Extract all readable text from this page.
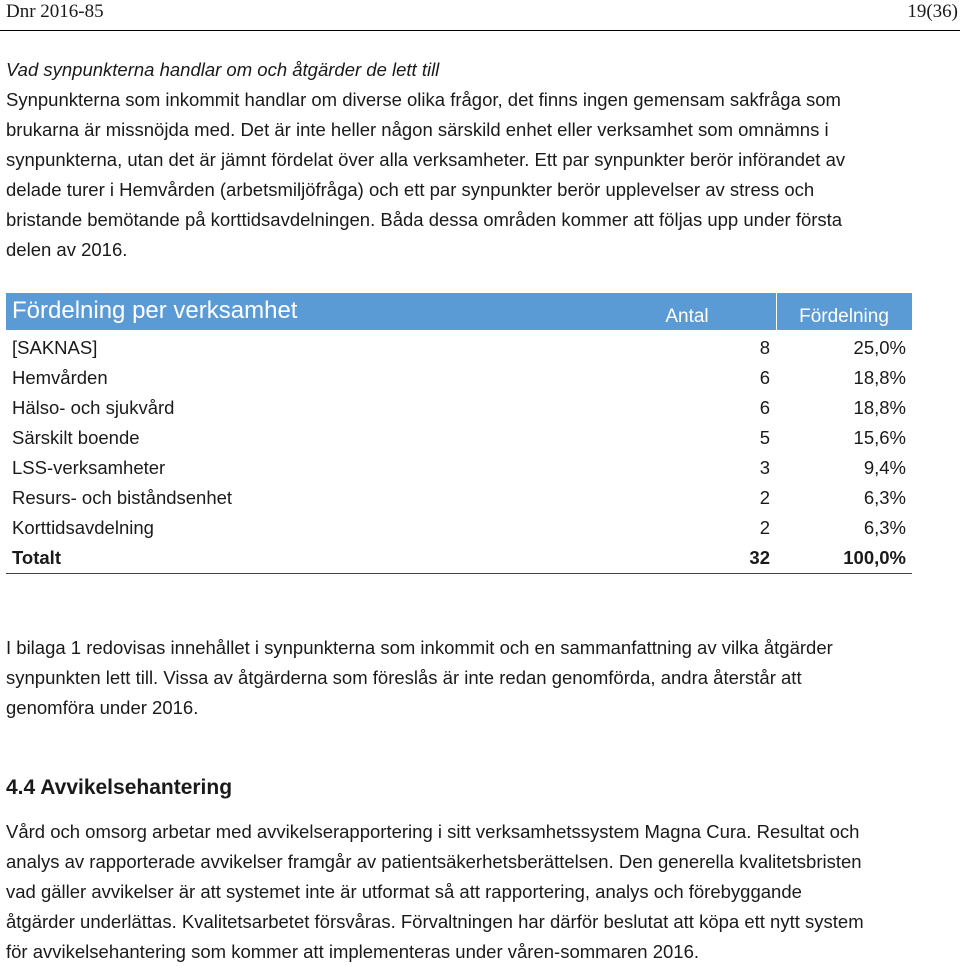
Dnr 2016-85	19(36)

Vad synpunkterna handlar om och åtgärder de lett till

Synpunkterna som inkommit handlar om diverse olika frågor, det finns ingen gemensam sakfråga som

brukarna är missnöjda med. Det är inte heller någon särskild enhet eller verksamhet som omnämns i

synpunkterna, utan det är jämnt fördelat över alla verksamheter. Ett par synpunkter berör införandet av

delade turer i Hemvården (arbetsmiljöfråga) och ett par synpunkter berör upplevelser av stress och

bristande bemötande på korttidsavdelningen. Båda dessa områden kommer att följas upp under första

delen av 2016.

Fördelning per verksamhet	Antal	Fördelning
[SAKNAS]	8	25,0%
Hemvården	6	18,8%
Hälso- och sjukvård	6	18,8%
Särskilt boende	5	15,6%
LSS-verksamheter	3	9,4%
Resurs- och biståndsenhet	2	6,3%
Korttidsavdelning	2	6,3%
Totalt	32	100,0%

I bilaga 1 redovisas innehållet i synpunkterna som inkommit och en sammanfattning av vilka åtgärder

synpunkten lett till. Vissa av åtgärderna som föreslås är inte redan genomförda, andra återstår att

genomföra under 2016.

4.4 Avvikelsehantering

Vård och omsorg arbetar med avvikelserapportering i sitt verksamhetssystem Magna Cura. Resultat och

analys av rapporterade avvikelser framgår av patientsäkerhetsberättelsen. Den generella kvalitetsbristen

vad gäller avvikelser är att systemet inte är utformat så att rapportering, analys och förebyggande

åtgärder underlättas. Kvalitetsarbetet försvåras. Förvaltningen har därför beslutat att köpa ett nytt system

för avvikelsehantering som kommer att implementeras under våren-sommaren 2016.
